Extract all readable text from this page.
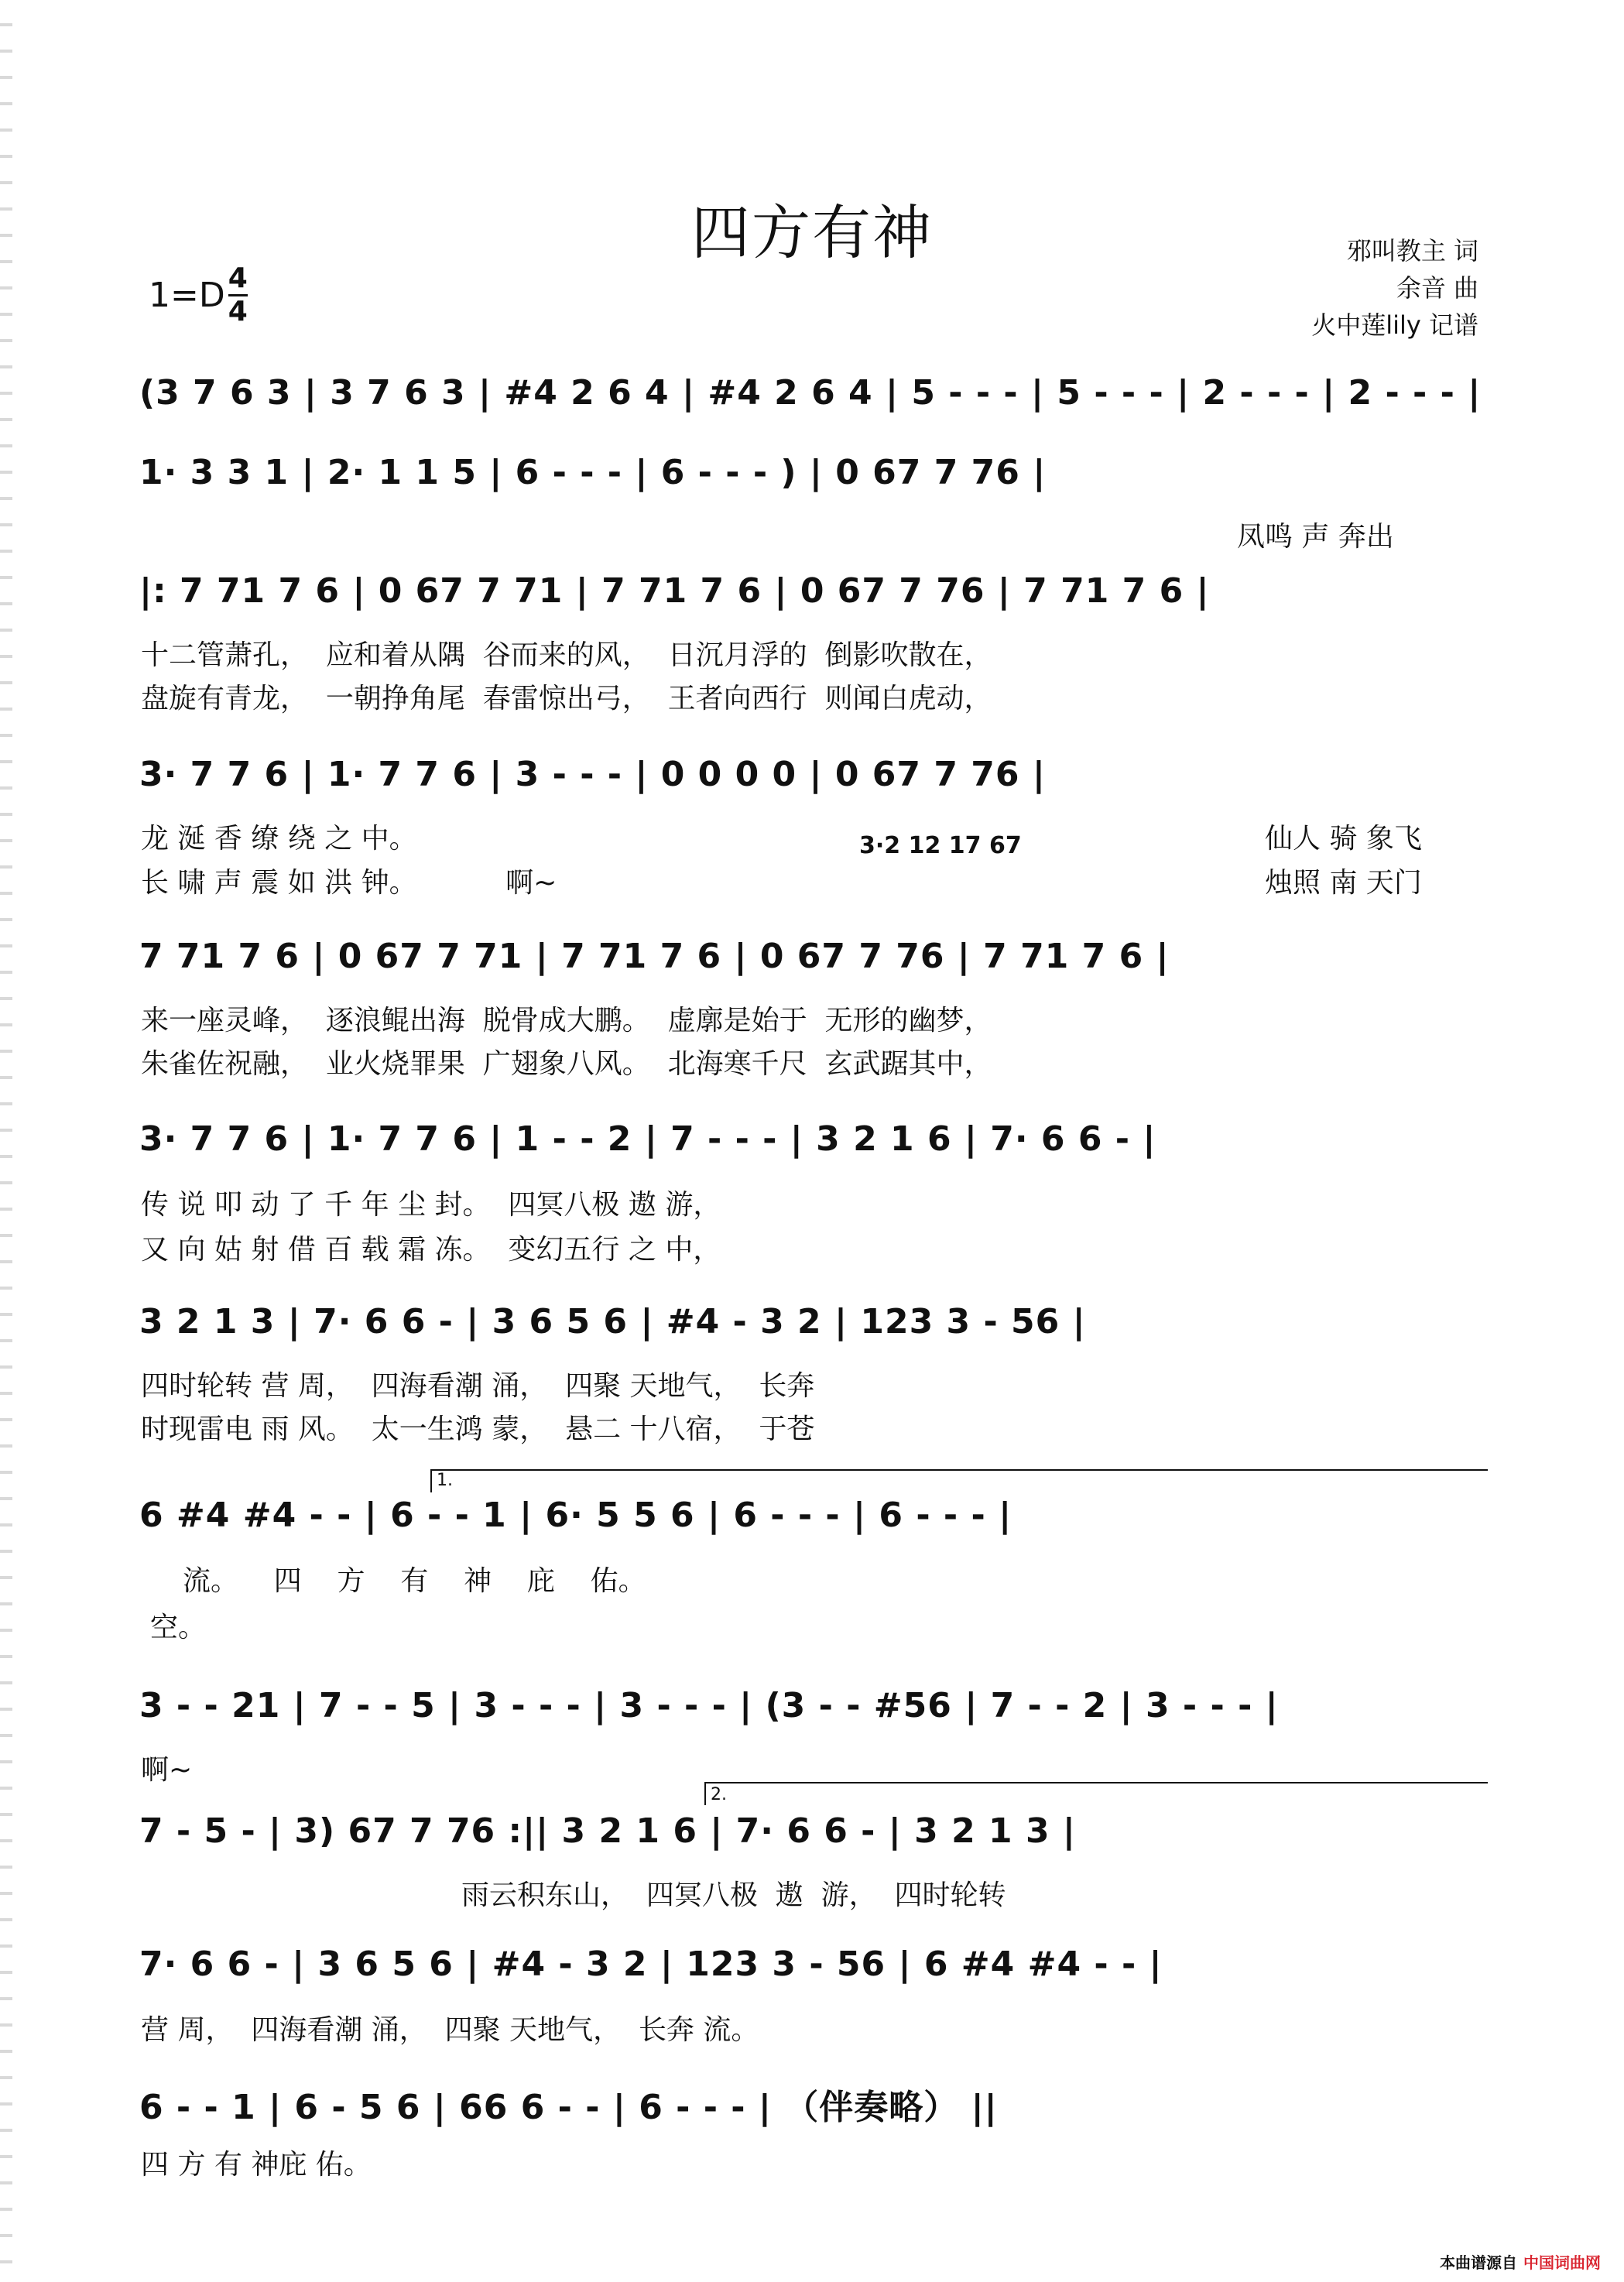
四方有神
$1=D \frac{4}{4}$
邪叫教主 词
余音 曲
火中莲lily 记谱
(3 7 6 3 | 3 7 6 3 | #4 2 6 4 | #4 2 6 4 | 5 - - - | 5 - - - | 2 - - - | 2 - - - |
1· 3 3 1 | 2· 1 1 5 | 6 - - - | 6 - - - ) | 0 67 7 76 |
凤鸣 声 奔出
|: 7 71 7 6 | 0 67 7 71 | 7 71 7 6 | 0 67 7 76 | 7 71 7 6 |
十二管萧孔，  应和着从隅  谷而来的风，  日沉月浮的  倒影吹散在，
盘旋有青龙，  一朝挣角尾  春雷惊出弓，  王者向西行  则闻白虎动，
3· 7 7 6 | 1· 7 7 6 | 3 - - - | 0 0 0 0 | 0 67 7 76 |
3·2 12 17 67
龙 涎 香 缭 绕 之 中。
长 啸 声 震 如 洪 钟。          啊~
仙人 骑 象飞
烛照 南 天门
7 71 7 6 | 0 67 7 71 | 7 71 7 6 | 0 67 7 76 | 7 71 7 6 |
来一座灵峰，  逐浪鲲出海  脱骨成大鹏。  虚廓是始于  无形的幽梦，
朱雀佐祝融，  业火烧罪果  广翅象八风。  北海寒千尺  玄武踞其中，
3· 7 7 6 | 1· 7 7 6 | 1 - - 2 | 7 - - - | 3 2 1 6 | 7· 6 6 - |
传 说 叩 动 了 千 年 尘 封。  四冥八极 遨 游，
又 向 姑 射 借 百 载 霜 冻。  变幻五行 之 中，
3 2 1 3 | 7· 6 6 - | 3 6 5 6 | #4 - 3 2 | 123 3 - 56 |
四时轮转 营 周，  四海看潮 涌，  四聚 天地气，  长奔
时现雷电 雨 风。  太一生鸿 蒙，  悬二 十八宿，  于苍
1.
6 #4 #4 - - | 6 - - 1 | 6· 5 5 6 | 6 - - - | 6 - - - |
流。    四    方    有    神    庇    佑。
空。
3 - - 21 | 7 - - 5 | 3 - - - | 3 - - - | (3 - - #56 | 7 - - 2 | 3 - - - |
啊~
2.
7 - 5 - | 3) 67 7 76 :|| 3 2 1 6 | 7· 6 6 - | 3 2 1 3 |
雨云积东山，  四冥八极  遨  游，  四时轮转
7· 6 6 - | 3 6 5 6 | #4 - 3 2 | 123 3 - 56 | 6 #4 #4 - - |
营 周，  四海看潮 涌，  四聚 天地气，  长奔 流。
6 - - 1 | 6 - 5 6 | 66 6 - - | 6 - - - | （伴奏略） ||
四 方 有 神庇 佑。
本曲谱源自 中国词曲网
